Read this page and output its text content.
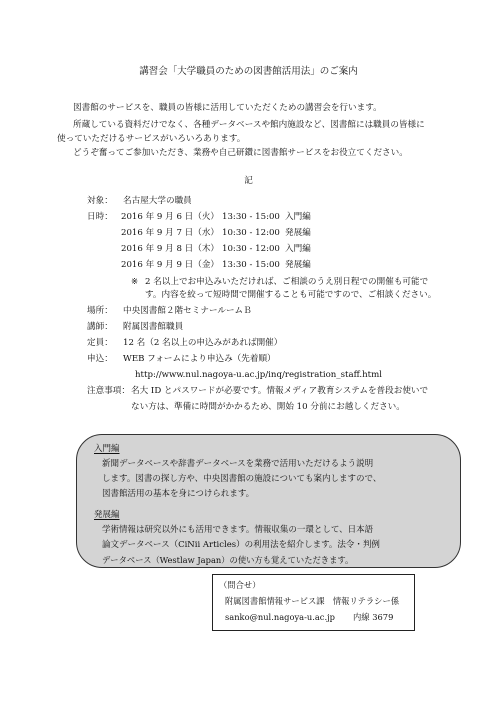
講習会「大学職員のための図書館活用法」のご案内
図書館のサービスを、職員の皆様に活用していただくための講習会を行います。
所蔵している資料だけでなく、各種データベースや館内施設など、図書館には職員の皆様に
使っていただけるサービスがいろいろあります。
どうぞ奮ってご参加いただき、業務や自己研鑽に図書館サービスをお役立てください。
記
対象： 名古屋大学の職員
日時： 2016 年 9 月 6 日（火） 13:30 - 15:00 入門編
2016 年 9 月 7 日（水） 10:30 - 12:00 発展編
2016 年 9 月 8 日（木） 10:30 - 12:00 入門編
2016 年 9 月 9 日（金） 13:30 - 15:00 発展編
※ 2 名以上でお申込みいただければ、ご相談のうえ別日程での開催も可能で
す。内容を絞って短時間で開催することも可能ですので、ご相談ください。
場所： 中央図書館２階セミナールームＢ
講師： 附属図書館職員
定員： 12 名（2 名以上の申込みがあれば開催）
申込： WEB フォームにより申込み（先着順）
http://www.nul.nagoya-u.ac.jp/inq/registration_staff.html
注意事項： 名大 ID とパスワードが必要です。情報メディア教育システムを普段お使いで
ない方は、準備に時間がかかるため、開始 10 分前にお越しください。
入門編
新聞データベースや辞書データベースを業務で活用いただけるよう説明
します。図書の探し方や、中央図書館の施設についても案内しますので、
図書館活用の基本を身につけられます。
発展編
学術情報は研究以外にも活用できます。情報収集の一環として、日本語
論文データベース（CiNii Articles）の利用法を紹介します。法令・判例
データベース（Westlaw Japan）の使い方も覚えていただきます。
（問合せ）
附属図書館情報サービス課　情報リテラシー係
sanko@nul.nagoya-u.ac.jp 内線 3679
